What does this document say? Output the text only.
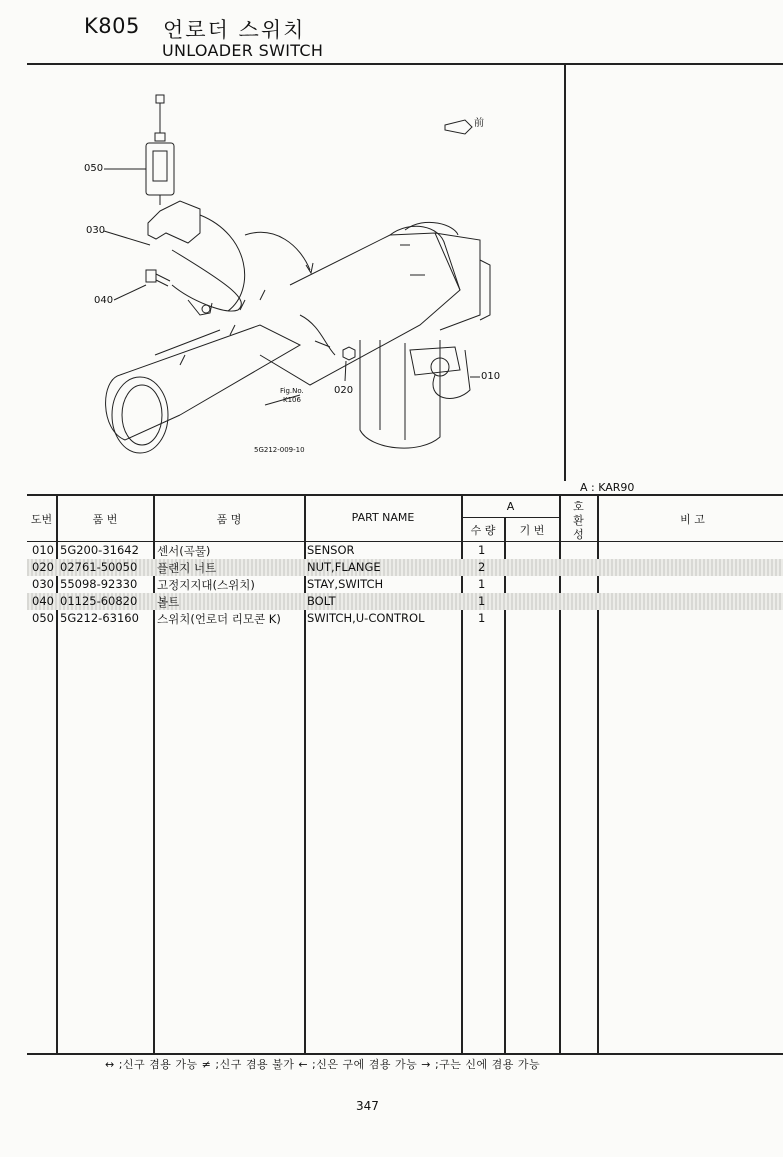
K805 언로더 스위치
UNLOADER SWITCH
050
030
040
020
010
Fig.No.
K106
前
5G212-009-10
A : KAR90
도번	품 번	품 명	PART NAME
A
수 량	기 번
호
환
성
비 고
010 5G200-31642 센서(곡물)	SENSOR	1
020 02761-50050 플랜지 너트	NUT,FLANGE	2
030 55098-92330 고정지지대(스위치)	STAY,SWITCH	1
040 01125-60820 볼트	BOLT	1
050 5G212-63160 스위치(언로더 리모콘 K) SWITCH,U-CONTROL	1
↔ ;신구 겸용 가능 ≠ ;신구 겸용 불가 ← ;신은 구에 겸용 가능 → ;구는 신에 겸용 가능
347
